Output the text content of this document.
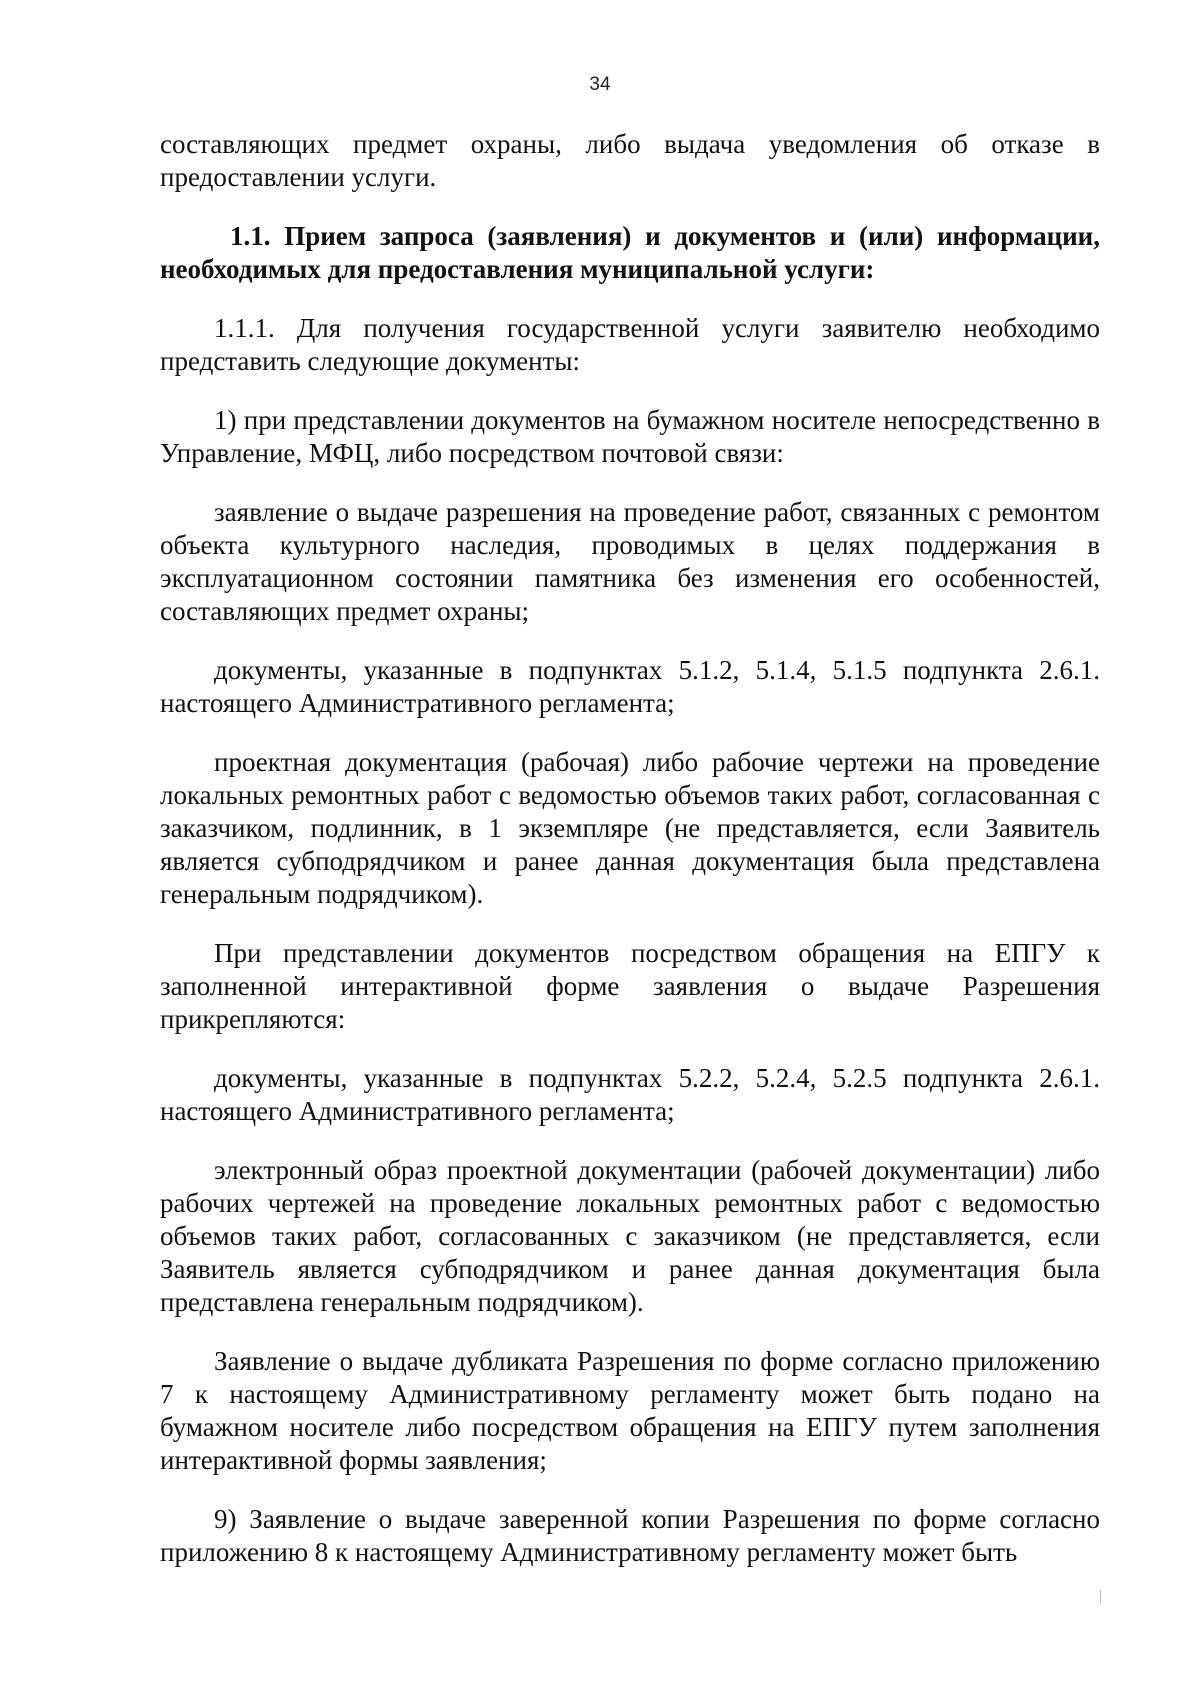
34

составляющих предмет охраны, либо выдача уведомления об отказе в предоставлении услуги.

1.1. Прием запроса (заявления) и документов и (или) информации, необходимых для предоставления муниципальной услуги:

1.1.1. Для получения государственной услуги заявителю необходимо представить следующие документы:

1) при представлении документов на бумажном носителе непосредственно в Управление, МФЦ, либо посредством почтовой связи:

заявление о выдаче разрешения на проведение работ, связанных с ремонтом объекта культурного наследия, проводимых в целях поддержания в эксплуатационном состоянии памятника без изменения его особенностей, составляющих предмет охраны;

документы, указанные в подпунктах 5.1.2, 5.1.4, 5.1.5 подпункта 2.6.1. настоящего Административного регламента;

проектная документация (рабочая) либо рабочие чертежи на проведение локальных ремонтных работ с ведомостью объемов таких работ, согласованная с заказчиком, подлинник, в 1 экземпляре (не представляется, если Заявитель является субподрядчиком и ранее данная документация была представлена генеральным подрядчиком).

При представлении документов посредством обращения на ЕПГУ к заполненной интерактивной форме заявления о выдаче Разрешения прикрепляются:

документы, указанные в подпунктах 5.2.2, 5.2.4, 5.2.5 подпункта 2.6.1. настоящего Административного регламента;

электронный образ проектной документации (рабочей документации) либо рабочих чертежей на проведение локальных ремонтных работ с ведомостью объемов таких работ, согласованных с заказчиком (не представляется, если Заявитель является субподрядчиком и ранее данная документация была представлена генеральным подрядчиком).

Заявление о выдаче дубликата Разрешения по форме согласно приложению 7 к настоящему Административному регламенту может быть подано на бумажном носителе либо посредством обращения на ЕПГУ путем заполнения интерактивной формы заявления;

9) Заявление о выдаче заверенной копии Разрешения по форме согласно приложению 8 к настоящему Административному регламенту может быть
